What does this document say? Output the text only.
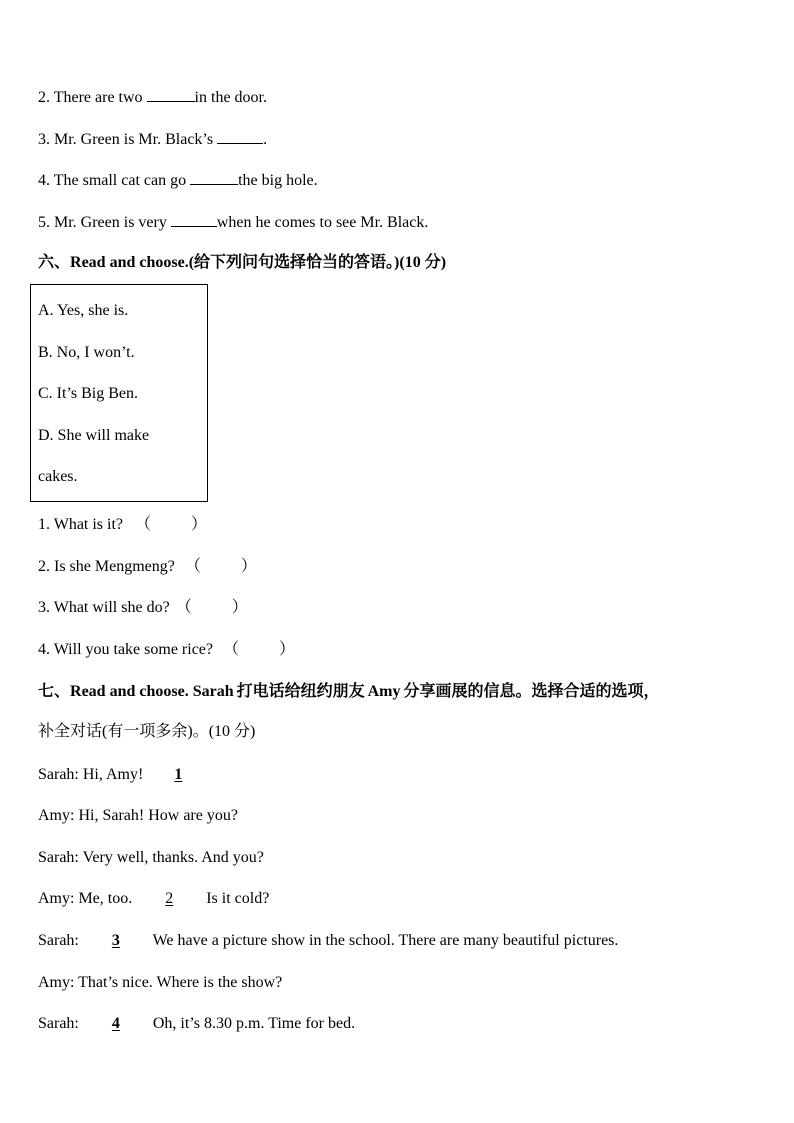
2. There are two	in the door.
3. Mr. Green is Mr. Black’s	.
4. The small cat can go	the big hole.
5. Mr. Green is very	when he comes to see Mr. Black.
六、Read and choose.(给下列问句选择恰当的答语。)(10 分)
A. Yes, she is.
B. No, I won’t.
C. It’s Big Ben.
D. She will make
cakes.
1. What is it? （	）
2. Is she Mengmeng? （	）
3. What will she do? （	）
4. Will you take some rice? （	）
七、Read and choose. Sarah 打电话给纽约朋友 Amy 分享画展的信息。选择合适的选项，
补全对话(有一项多余)。(10 分)
Sarah: Hi, Amy! 1
Amy: Hi, Sarah! How are you?
Sarah: Very well, thanks. And you?
Amy: Me, too. 2 Is it cold?
Sarah: 3 We have a picture show in the school. There are many beautiful pictures.
Amy: That’s nice. Where is the show?
Sarah: 4 Oh, it’s 8.30 p.m. Time for bed.
